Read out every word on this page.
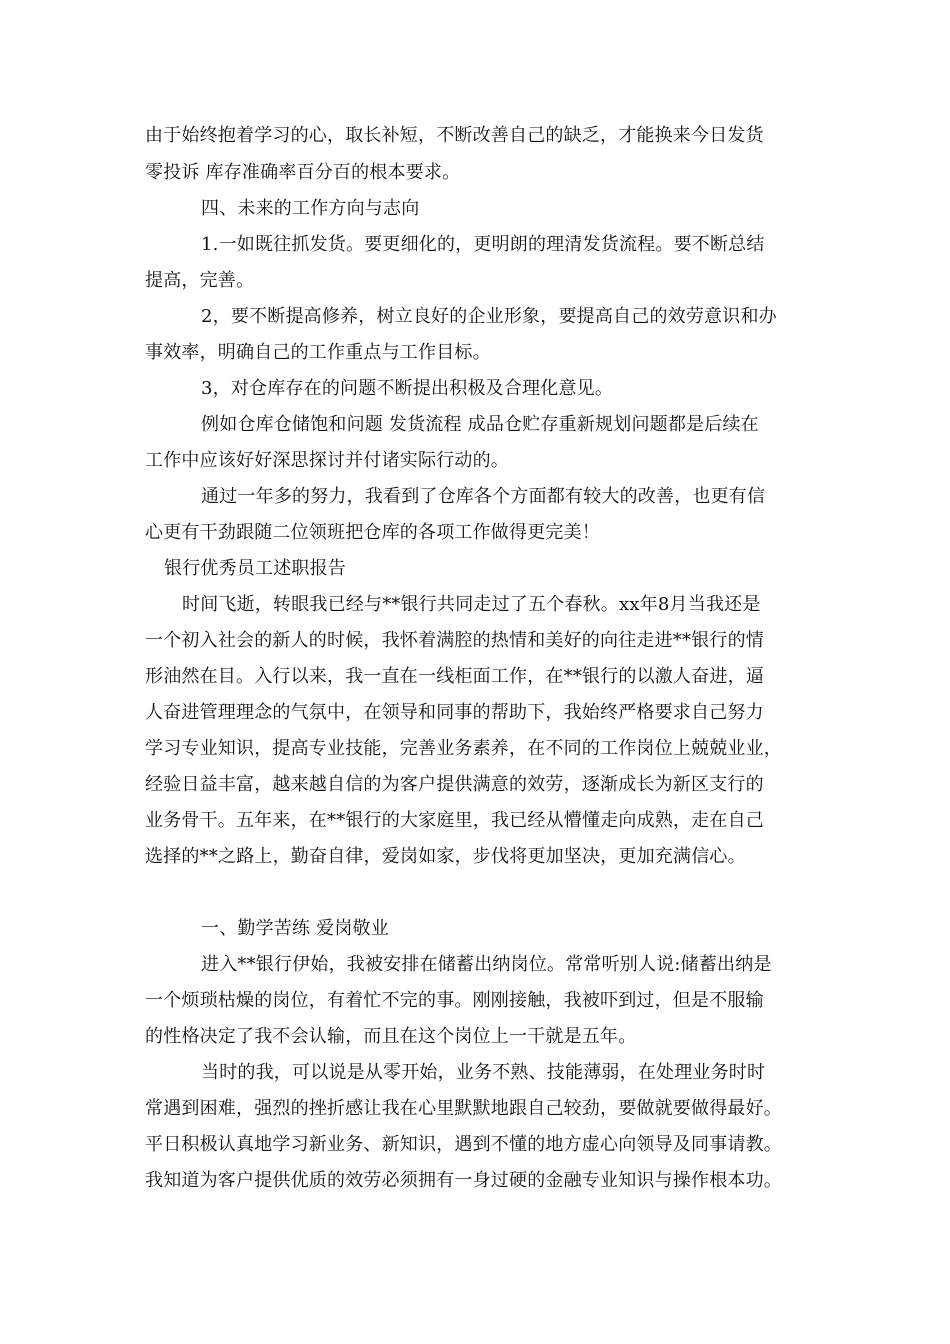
由于始终抱着学习的心，取长补短，不断改善自己的缺乏，才能换来今日发货
零投诉 库存准确率百分百的根本要求。
四、未来的工作方向与志向
1.一如既往抓发货。要更细化的，更明朗的理清发货流程。要不断总结
提高，完善。
2，要不断提高修养，树立良好的企业形象，要提高自己的效劳意识和办
事效率，明确自己的工作重点与工作目标。
3，对仓库存在的问题不断提出积极及合理化意见。
例如仓库仓储饱和问题 发货流程 成品仓贮存重新规划问题都是后续在
工作中应该好好深思探讨并付诸实际行动的。
通过一年多的努力，我看到了仓库各个方面都有较大的改善，也更有信
心更有干劲跟随二位领班把仓库的各项工作做得更完美！
银行优秀员工述职报告
时间飞逝，转眼我已经与**银行共同走过了五个春秋。xx年8月当我还是
一个初入社会的新人的时候，我怀着满腔的热情和美好的向往走进**银行的情
形油然在目。入行以来，我一直在一线柜面工作，在**银行的以激人奋进，逼
人奋进管理理念的气氛中，在领导和同事的帮助下，我始终严格要求自己努力
学习专业知识，提高专业技能，完善业务素养，在不同的工作岗位上兢兢业业，
经验日益丰富，越来越自信的为客户提供满意的效劳，逐渐成长为新区支行的
业务骨干。五年来，在**银行的大家庭里，我已经从懵懂走向成熟，走在自己
选择的**之路上，勤奋自律，爱岗如家，步伐将更加坚决，更加充满信心。
一、勤学苦练 爱岗敬业
进入**银行伊始，我被安排在储蓄出纳岗位。常常听别人说:储蓄出纳是
一个烦琐枯燥的岗位，有着忙不完的事。刚刚接触，我被吓到过，但是不服输
的性格决定了我不会认输，而且在这个岗位上一干就是五年。
当时的我，可以说是从零开始，业务不熟、技能薄弱，在处理业务时时
常遇到困难，强烈的挫折感让我在心里默默地跟自己较劲，要做就要做得最好。
平日积极认真地学习新业务、新知识，遇到不懂的地方虚心向领导及同事请教。
我知道为客户提供优质的效劳必须拥有一身过硬的金融专业知识与操作根本功。
